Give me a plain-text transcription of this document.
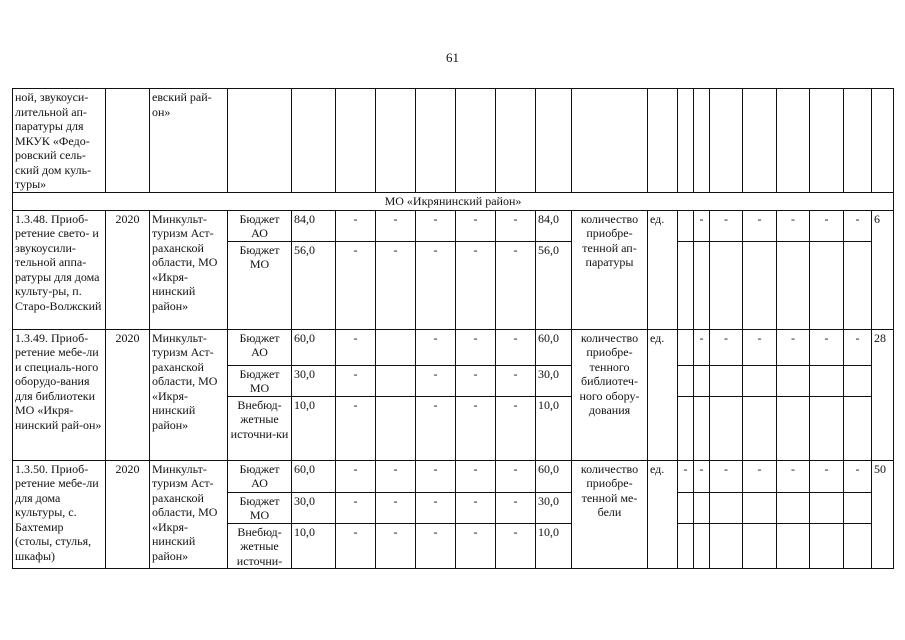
61
ной, звукоуси-лительной ап-паратуры для МКУК «Федо-ровский сель-ский дом куль-туры»		евский рай-он»																		
МО «Икрянинский район»																				
1.3.48. Приоб-ретение свето- и звукоусили-тельной аппа-ратуры для дома культу-ры, п. Старо-Волжский	2020	Минкульт-туризм Аст-раханской области, МО «Икря-нинский район»	Бюджет АО	84,0	-	-	-	-	-	84,0	количество приобре-тенной ап-паратуры	ед.		-	-	-	-	-	-	6
			Бюджет МО	56,0	-	-	-	-	-	56,0										
1.3.49. Приоб-ретение мебе-ли и специаль-ного оборудо-вания для библиотеки МО «Икря-нинский рай-он»	2020	Минкульт-туризм Аст-раханской области, МО «Икря-нинский район»	Бюджет АО	60,0	-		-	-	-	60,0	количество приобре-тенного библиотеч-ного обору-дования	ед.		-	-	-	-	-	-	28
			Бюджет МО	30,0	-		-	-	-	30,0										
			Внебюд-жетные источни-ки	10,0	-		-	-	-	10,0										
1.3.50. Приоб-ретение мебе-ли для дома культуры, с. Бахтемир (столы, стулья, шкафы)	2020	Минкульт-туризм Аст-раханской области, МО «Икря-нинский район»	Бюджет АО	60,0	-	-	-	-	-	60,0	количество приобре-тенной ме-бели	ед.	-	-	-	-	-	-	-	50
			Бюджет МО	30,0	-	-	-	-	-	30,0										
			Внебюд-жетные источни-	10,0	-	-	-	-	-	10,0										
